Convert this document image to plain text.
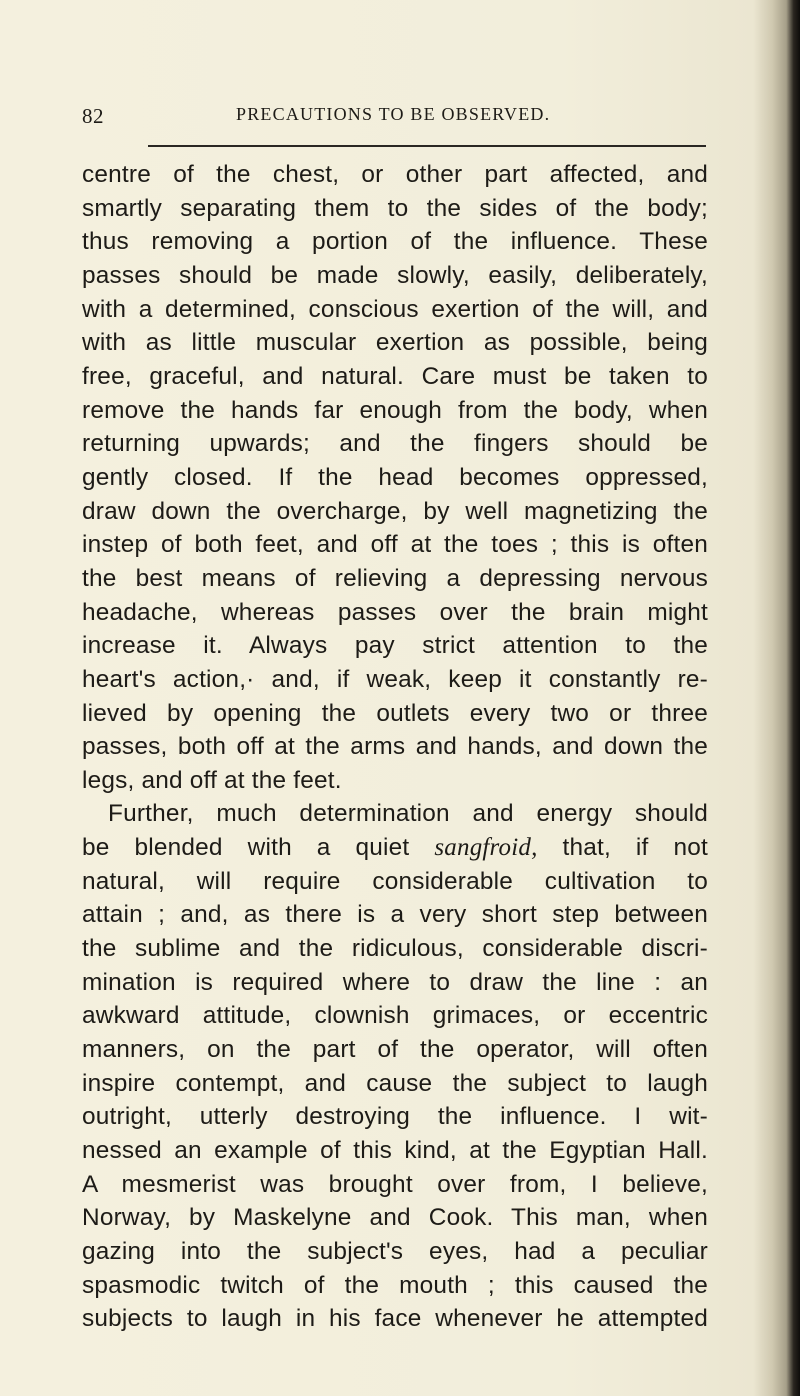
82	PRECAUTIONS TO BE OBSERVED.
centre of the chest, or other part affected, and
smartly separating them to the sides of the body;
thus removing a portion of the influence. These
passes should be made slowly, easily, deliberately,
with a determined, conscious exertion of the will, and
with as little muscular exertion as possible, being
free, graceful, and natural. Care must be taken to
remove the hands far enough from the body, when
returning upwards; and the fingers should be
gently closed. If the head becomes oppressed,
draw down the overcharge, by well magnetizing the
instep of both feet, and off at the toes ; this is often
the best means of relieving a depressing nervous
headache, whereas passes over the brain might
increase it. Always pay strict attention to the
heart's action,· and, if weak, keep it constantly re-
lieved by opening the outlets every two or three
passes, both off at the arms and hands, and down the
legs, and off at the feet.
Further, much determination and energy should
be blended with a quiet sangfroid, that, if not
natural, will require considerable cultivation to
attain ; and, as there is a very short step between
the sublime and the ridiculous, considerable discri-
mination is required where to draw the line : an
awkward attitude, clownish grimaces, or eccentric
manners, on the part of the operator, will often
inspire contempt, and cause the subject to laugh
outright, utterly destroying the influence. I wit-
nessed an example of this kind, at the Egyptian Hall.
A mesmerist was brought over from, I believe,
Norway, by Maskelyne and Cook. This man, when
gazing into the subject's eyes, had a peculiar
spasmodic twitch of the mouth ; this caused the
subjects to laugh in his face whenever he attempted
